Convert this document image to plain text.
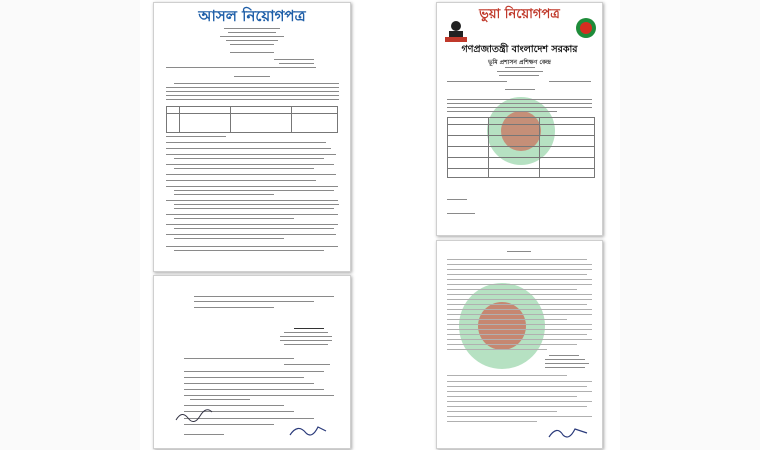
আসল নিয়োগপত্র

				ভুয়া নিয়োগপত্র
গণপ্রজাতন্ত্রী বাংলাদেশ সরকার
ভূমি প্রশাসন প্রশিক্ষণ কেন্দ্র
